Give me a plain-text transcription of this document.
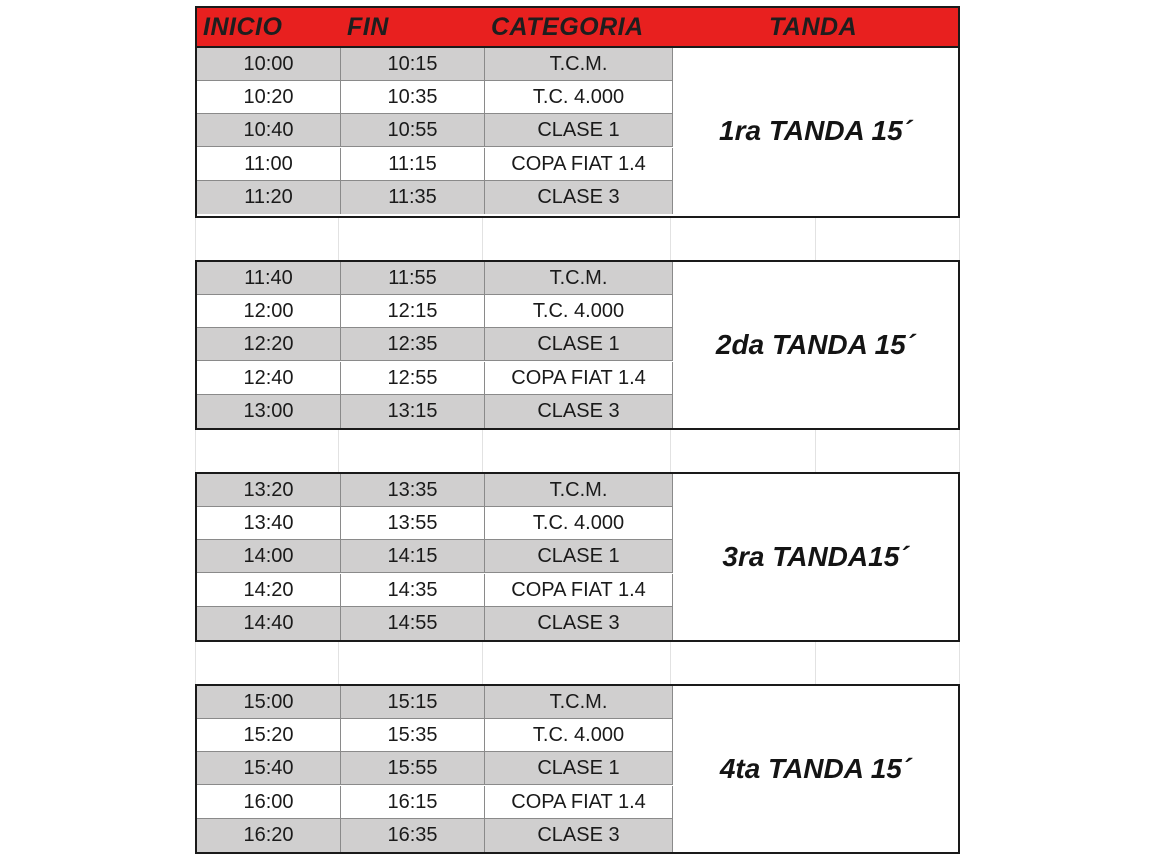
INICIO	FIN	CATEGORIA	TANDA
10:00	10:15	T.C.M.
10:20	10:35	T.C. 4.000
10:40	10:55	CLASE 1
11:00	11:15	COPA FIAT 1.4
11:20	11:35	CLASE 3
1ra TANDA 15´
11:40	11:55	T.C.M.
12:00	12:15	T.C. 4.000
12:20	12:35	CLASE 1
12:40	12:55	COPA FIAT 1.4
13:00	13:15	CLASE 3
2da TANDA 15´
13:20	13:35	T.C.M.
13:40	13:55	T.C. 4.000
14:00	14:15	CLASE 1
14:20	14:35	COPA FIAT 1.4
14:40	14:55	CLASE 3
3ra TANDA15´
15:00	15:15	T.C.M.
15:20	15:35	T.C. 4.000
15:40	15:55	CLASE 1
16:00	16:15	COPA FIAT 1.4
16:20	16:35	CLASE 3
4ta TANDA 15´
